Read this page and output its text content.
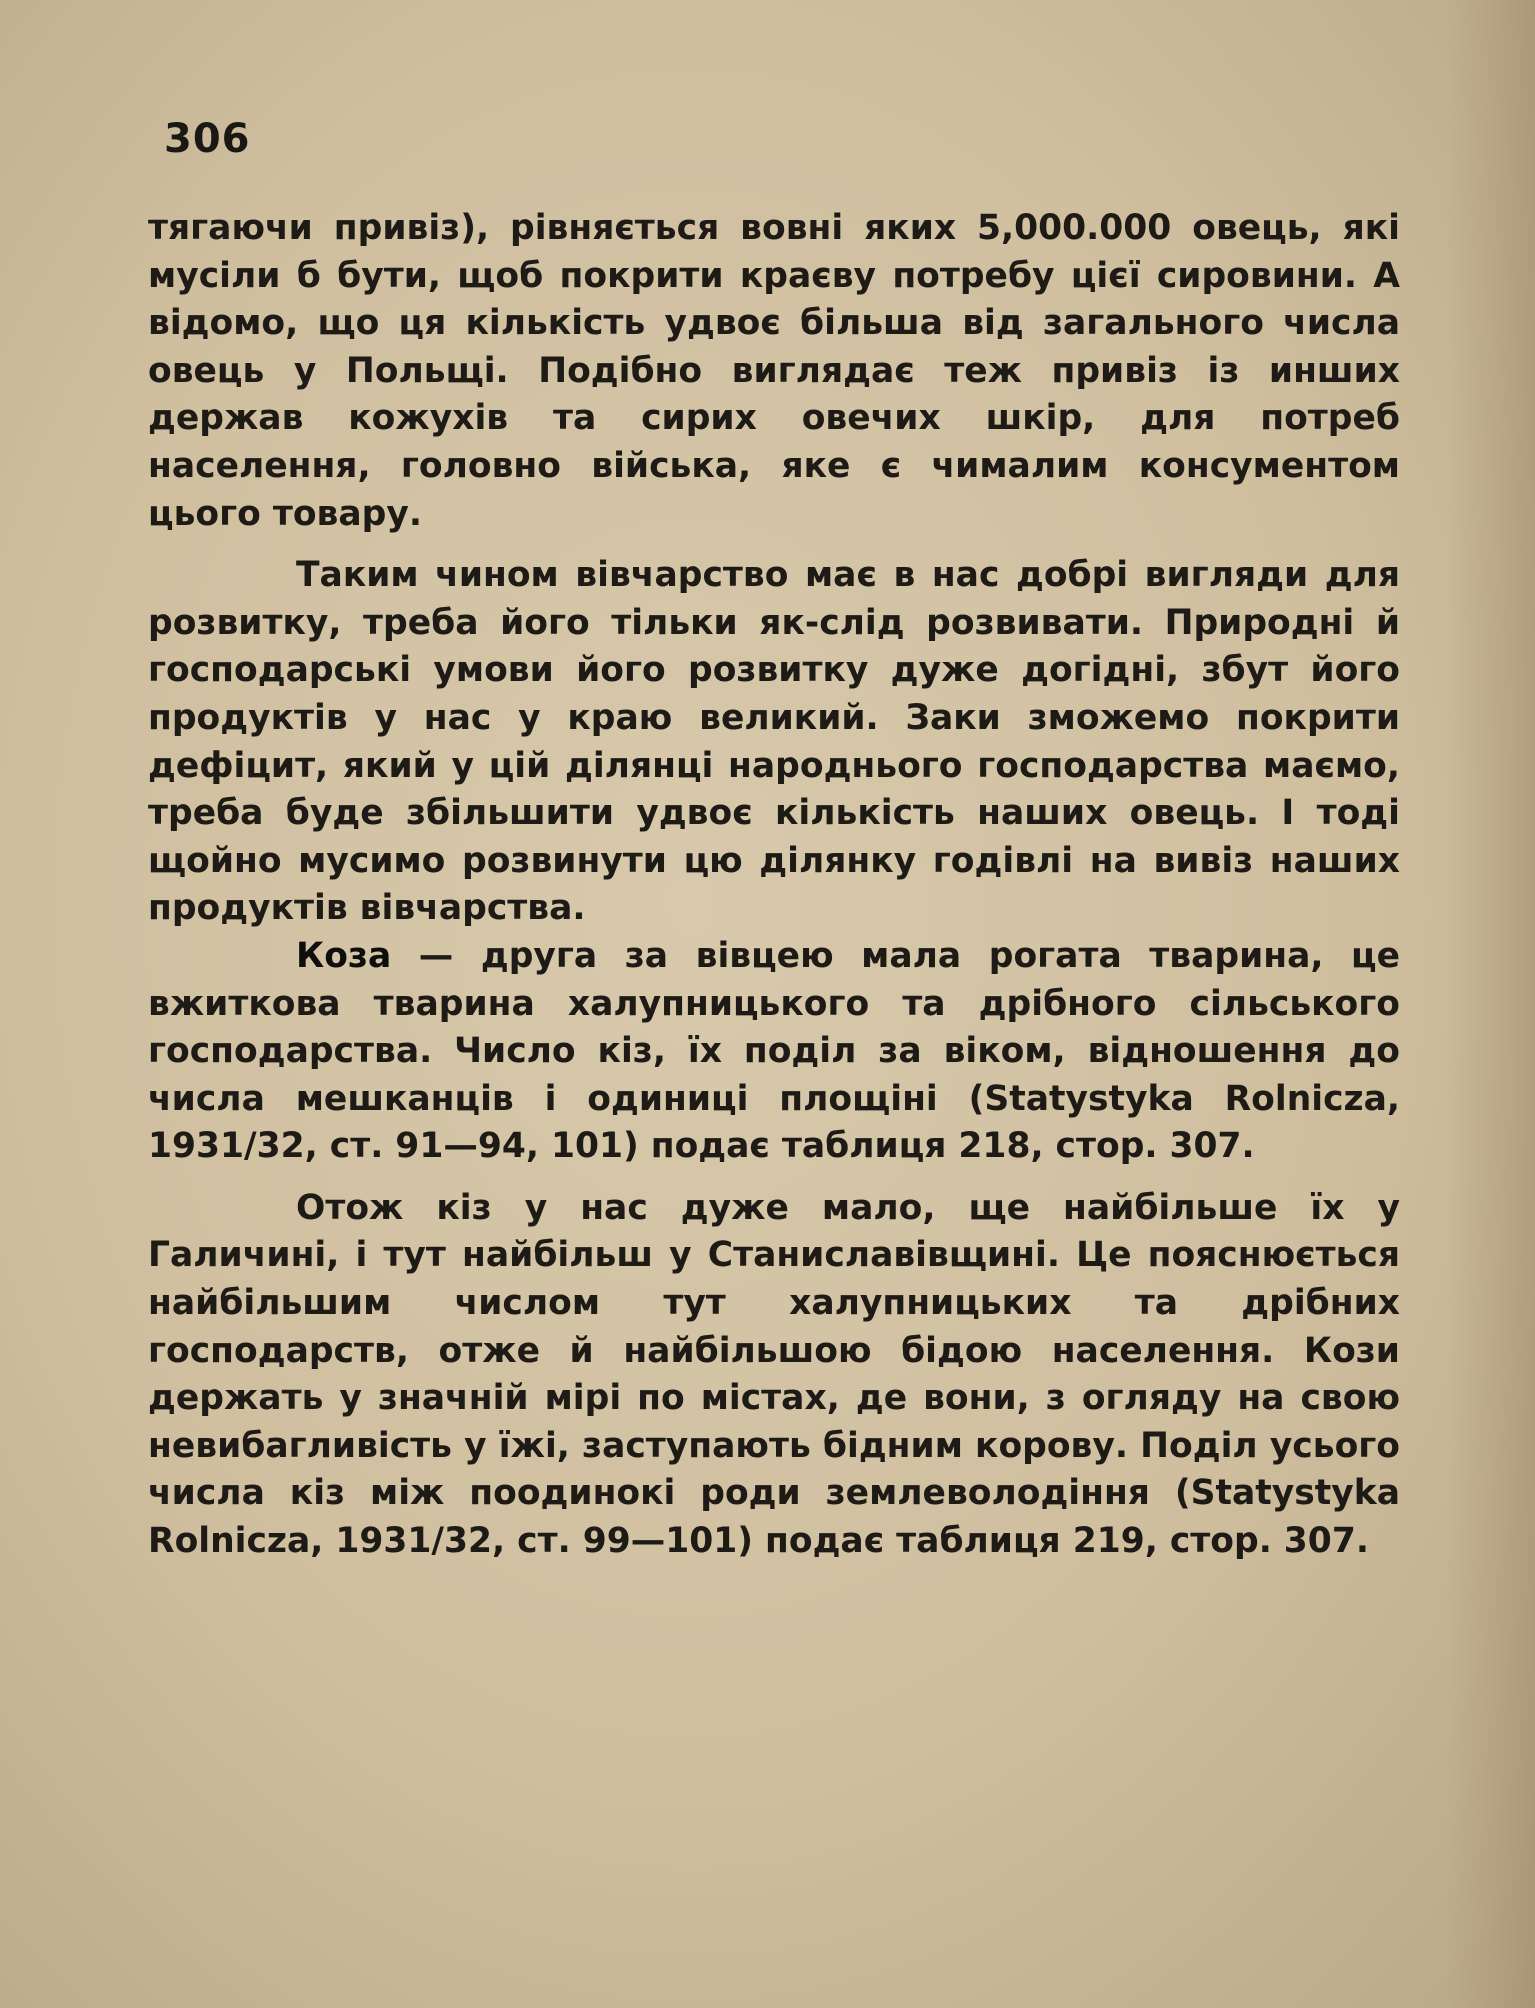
306

тягаючи привіз), рівняється вовні яких 5,000.000 овець, які мусіли б бути, щоб покрити краєву потребу цієї сировини. А відомо, що ця кількість удвоє більша від загального числа овець у Польщі. Подібно виглядає теж привіз із инших держав кожухів та сирих овечих шкір, для потреб населення, головно війська, яке є чималим консументом цього товару.

Таким чином вівчарство має в нас добрі вигляди для розвитку, треба його тільки як-слід розвивати. Природні й господарські умови його розвитку дуже догідні, збут його продуктів у нас у краю великий. Заки зможемо покрити дефіцит, який у цій ділянці народнього господарства маємо, треба буде збільшити удвоє кількість наших овець. І тоді щойно мусимо розвинути цю ділянку годівлі на вивіз наших продуктів вівчарства.

Коза — друга за вівцею мала рогата тварина, це вжиткова тварина халупницького та дрібного сільського господарства. Число кіз, їх поділ за віком, відношення до числа мешканців і одиниці площіні (Statystyka Rolnicza, 1931/32, ст. 91—94, 101) подає таблиця 218, стор. 307.

Отож кіз у нас дуже мало, ще найбільше їх у Галичині, і тут найбільш у Станиславівщині. Це пояснюється найбільшим числом тут халупницьких та дрібних господарств, отже й найбільшою бідою населення. Кози держать у значній мірі по містах, де вони, з огляду на свою невибагливість у їжі, заступають бідним корову. Поділ усього числа кіз між поодинокі роди землеволодіння (Statystyka Rolnicza, 1931/32, ст. 99—101) подає таблиця 219, стор. 307.
